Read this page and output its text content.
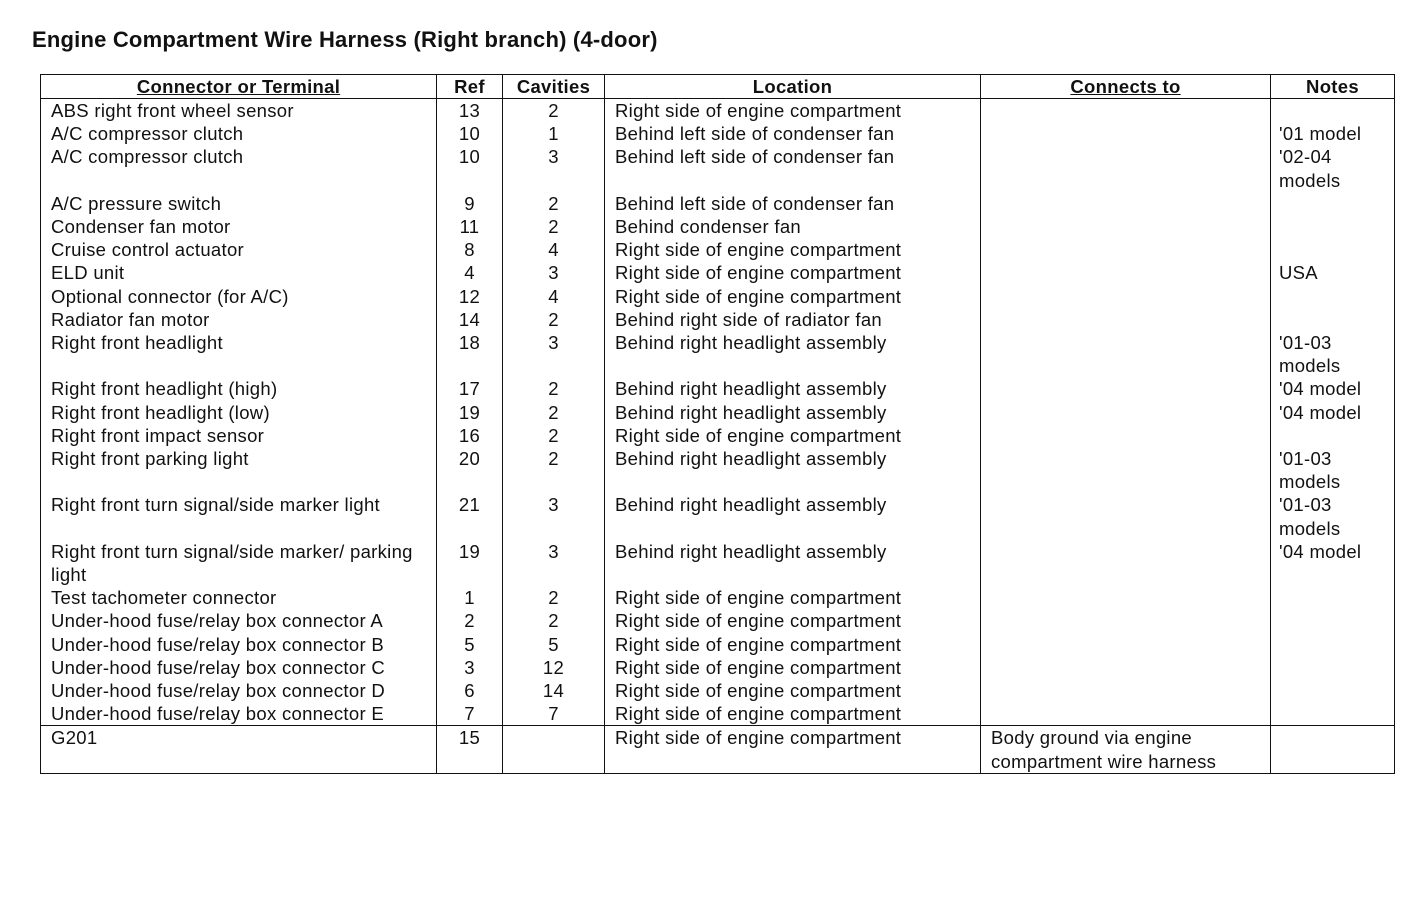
Engine Compartment Wire Harness (Right branch) (4-door)
Connector or Terminal	Ref	Cavities	Location	Connects to	Notes
ABS right front wheel sensor	13	2	Right side of engine compartment		
A/C compressor clutch	10	1	Behind left side of condenser fan		'01 model
A/C compressor clutch	10	3	Behind left side of condenser fan		'02-04 models
A/C pressure switch	9	2	Behind left side of condenser fan		
Condenser fan motor	11	2	Behind condenser fan		
Cruise control actuator	8	4	Right side of engine compartment		
ELD unit	4	3	Right side of engine compartment		USA
Optional connector (for A/C)	12	4	Right side of engine compartment		
Radiator fan motor	14	2	Behind right side of radiator fan		
Right front headlight	18	3	Behind right headlight assembly		'01-03 models
Right front headlight (high)	17	2	Behind right headlight assembly		'04 model
Right front headlight (low)	19	2	Behind right headlight assembly		'04 model
Right front impact sensor	16	2	Right side of engine compartment		
Right front parking light	20	2	Behind right headlight assembly		'01-03 models
Right front turn signal/side marker light	21	3	Behind right headlight assembly		'01-03 models
Right front turn signal/side marker/ parking light	19	3	Behind right headlight assembly		'04 model
Test tachometer connector	1	2	Right side of engine compartment		
Under-hood fuse/relay box connector A	2	2	Right side of engine compartment		
Under-hood fuse/relay box connector B	5	5	Right side of engine compartment		
Under-hood fuse/relay box connector C	3	12	Right side of engine compartment		
Under-hood fuse/relay box connector D	6	14	Right side of engine compartment		
Under-hood fuse/relay box connector E	7	7	Right side of engine compartment		
G201	15		Right side of engine compartment	Body ground via engine compartment wire harness	
